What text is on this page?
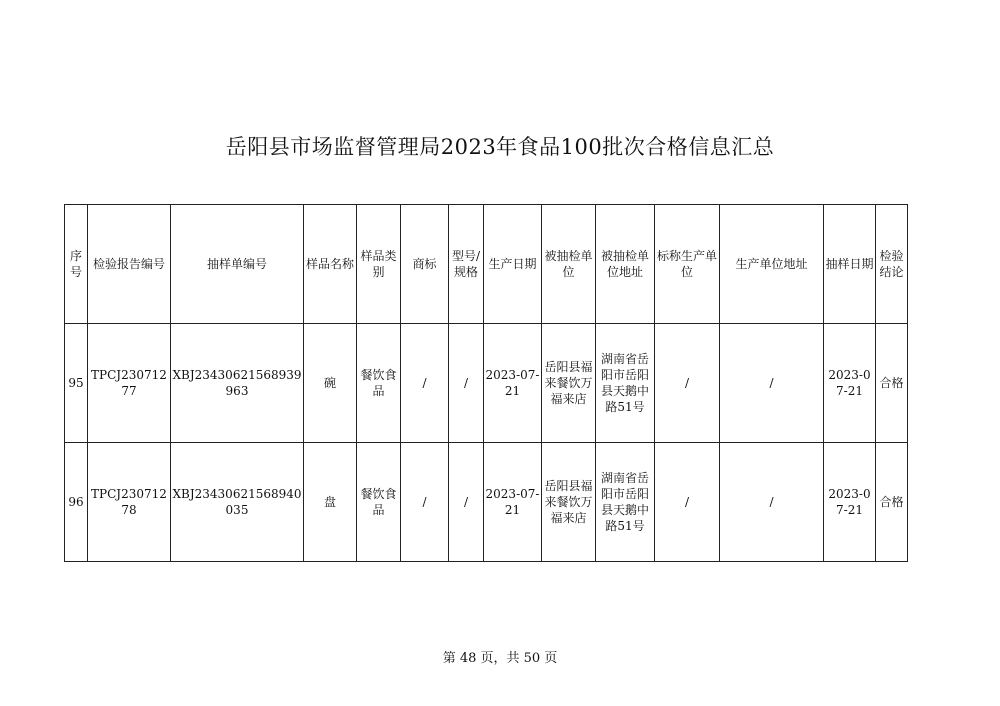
岳阳县市场监督管理局2023年食品100批次合格信息汇总
序号	检验报告编号	抽样单编号	样品名称	样品类别	商标	型号/规格	生产日期	被抽检单位	被抽检单位地址	标称生产单位	生产单位地址	抽样日期	检验结论
95	TPCJ23071277	XBJ23430621568939963	碗	餐饮食品	/	/	2023-07-21	岳阳县福来餐饮万福来店	湖南省岳阳市岳阳县天鹅中路51号	/	/	2023-07-21	合格
96	TPCJ23071278	XBJ23430621568940035	盘	餐饮食品	/	/	2023-07-21	岳阳县福来餐饮万福来店	湖南省岳阳市岳阳县天鹅中路51号	/	/	2023-07-21	合格
第 48 页，共 50 页
